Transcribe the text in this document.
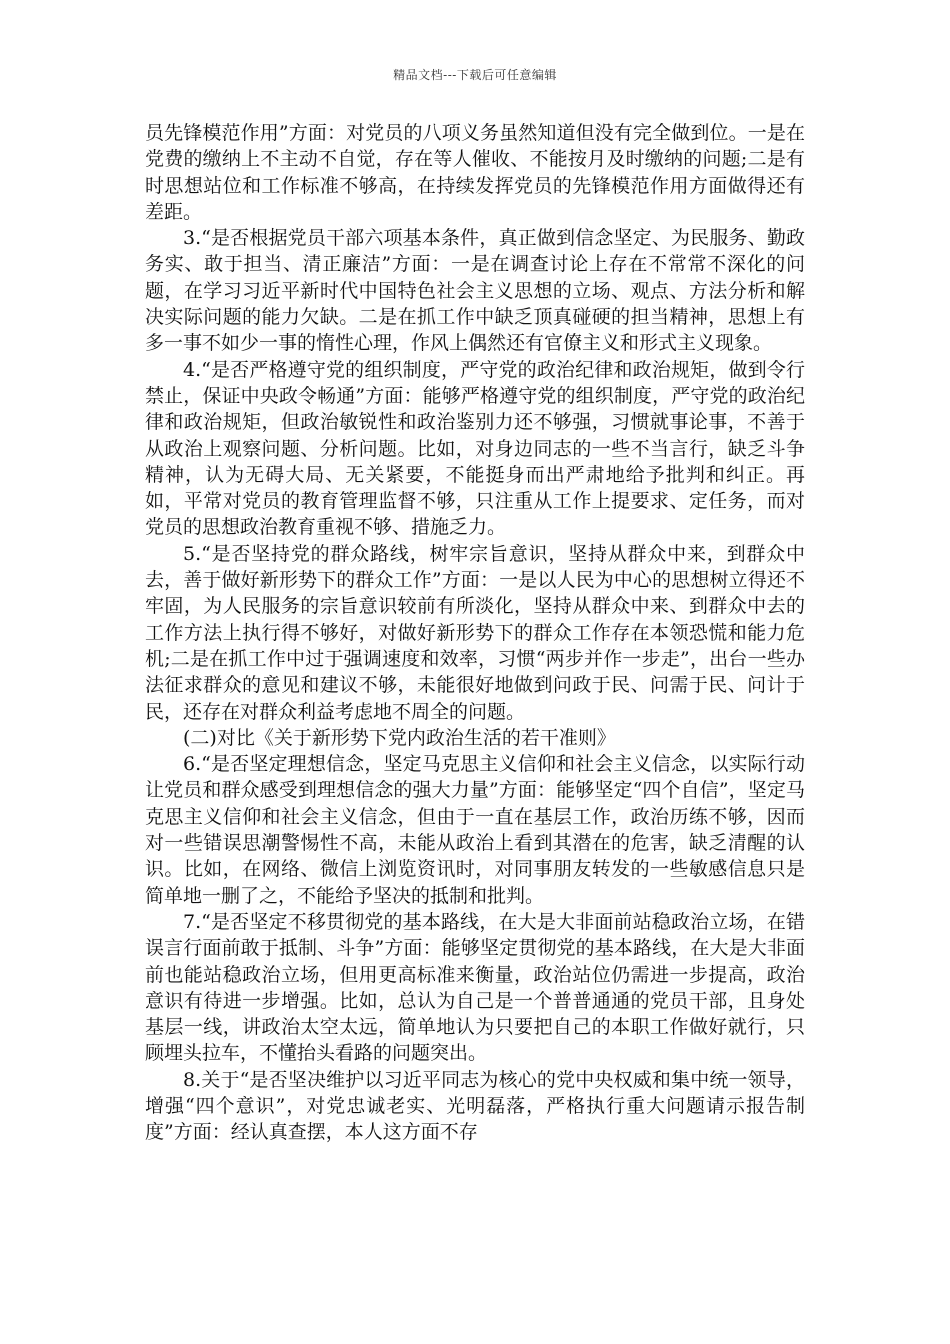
精品文档---下载后可任意编辑

员先锋模范作用”方面：对党员的八项义务虽然知道但没有完全做到位。一是在党费的缴纳上不主动不自觉，存在等人催收、不能按月及时缴纳的问题;二是有时思想站位和工作标准不够高，在持续发挥党员的先锋模范作用方面做得还有差距。

3.“是否根据党员干部六项基本条件，真正做到信念坚定、为民服务、勤政务实、敢于担当、清正廉洁”方面：一是在调查讨论上存在不常常不深化的问题，在学习习近平新时代中国特色社会主义思想的立场、观点、方法分析和解决实际问题的能力欠缺。二是在抓工作中缺乏顶真碰硬的担当精神，思想上有多一事不如少一事的惰性心理，作风上偶然还有官僚主义和形式主义现象。

4.“是否严格遵守党的组织制度，严守党的政治纪律和政治规矩，做到令行禁止，保证中央政令畅通”方面：能够严格遵守党的组织制度，严守党的政治纪律和政治规矩，但政治敏锐性和政治鉴别力还不够强，习惯就事论事，不善于从政治上观察问题、分析问题。比如，对身边同志的一些不当言行，缺乏斗争精神，认为无碍大局、无关紧要，不能挺身而出严肃地给予批判和纠正。再如，平常对党员的教育管理监督不够，只注重从工作上提要求、定任务，而对党员的思想政治教育重视不够、措施乏力。

5.“是否坚持党的群众路线，树牢宗旨意识，坚持从群众中来，到群众中去，善于做好新形势下的群众工作”方面：一是以人民为中心的思想树立得还不牢固，为人民服务的宗旨意识较前有所淡化，坚持从群众中来、到群众中去的工作方法上执行得不够好，对做好新形势下的群众工作存在本领恐慌和能力危机;二是在抓工作中过于强调速度和效率，习惯“两步并作一步走”，出台一些办法征求群众的意见和建议不够，未能很好地做到问政于民、问需于民、问计于民，还存在对群众利益考虑地不周全的问题。

(二)对比《关于新形势下党内政治生活的若干准则》

6.“是否坚定理想信念，坚定马克思主义信仰和社会主义信念，以实际行动让党员和群众感受到理想信念的强大力量”方面：能够坚定“四个自信”，坚定马克思主义信仰和社会主义信念，但由于一直在基层工作，政治历练不够，因而对一些错误思潮警惕性不高，未能从政治上看到其潜在的危害，缺乏清醒的认识。比如，在网络、微信上浏览资讯时，对同事朋友转发的一些敏感信息只是简单地一删了之，不能给予坚决的抵制和批判。

7.“是否坚定不移贯彻党的基本路线，在大是大非面前站稳政治立场，在错误言行面前敢于抵制、斗争”方面：能够坚定贯彻党的基本路线，在大是大非面前也能站稳政治立场，但用更高标准来衡量，政治站位仍需进一步提高，政治意识有待进一步增强。比如，总认为自己是一个普普通通的党员干部，且身处基层一线，讲政治太空太远，简单地认为只要把自己的本职工作做好就行，只顾埋头拉车，不懂抬头看路的问题突出。

8.关于“是否坚决维护以习近平同志为核心的党中央权威和集中统一领导，增强“四个意识”，对党忠诚老实、光明磊落，严格执行重大问题请示报告制度”方面：经认真查摆，本人这方面不存
